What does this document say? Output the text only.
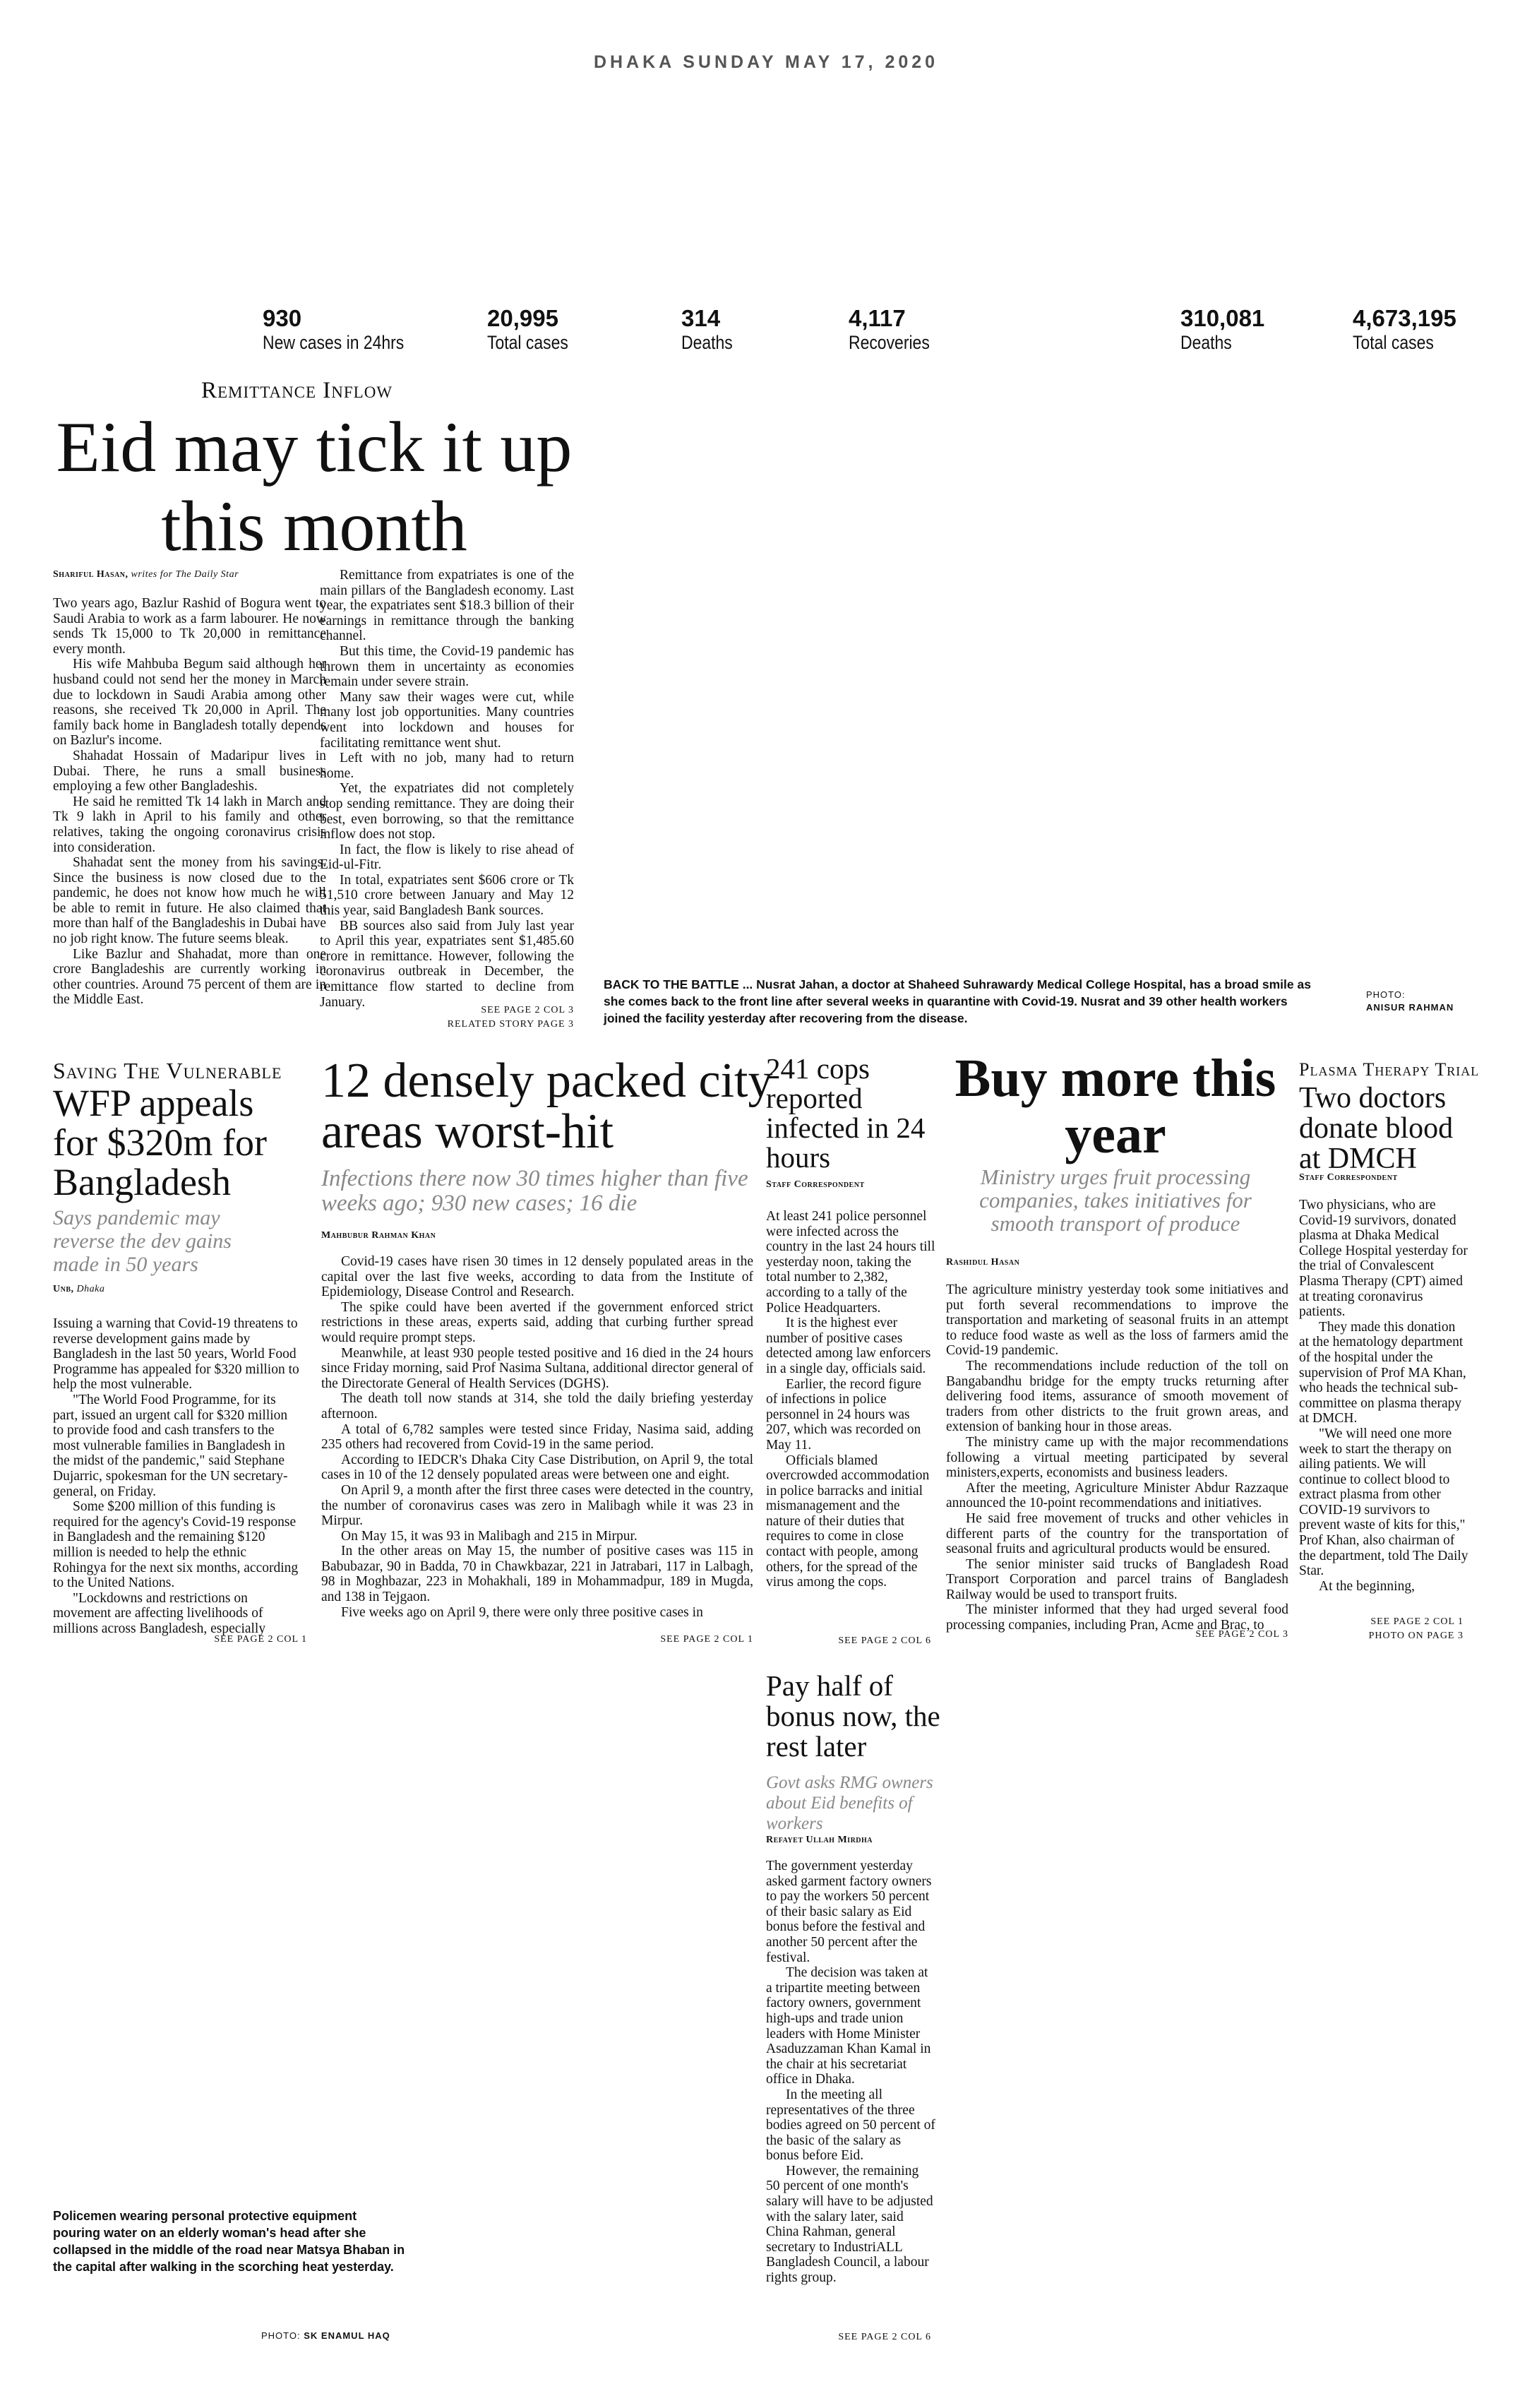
DHAKA SUNDAY MAY 17, 2020
930
New cases in 24hrs
20,995
Total cases
314
Deaths
4,117
Recoveries
310,081
Deaths
4,673,195
Total cases
Remittance Inflow
Eid may tick it up this month
Shariful Hasan, writes for The Daily Star

Two years ago, Bazlur Rashid of Bogura went to Saudi Arabia to work as a farm labourer. He now sends Tk 15,000 to Tk 20,000 in remittance every month.

His wife Mahbuba Begum said although her husband could not send her the money in March due to lockdown in Saudi Arabia among other reasons, she received Tk 20,000 in April. The family back home in Bangladesh totally depends on Bazlur's income.

Shahadat Hossain of Madaripur lives in Dubai. There, he runs a small business employing a few other Bangladeshis.

He said he remitted Tk 14 lakh in March and Tk 9 lakh in April to his family and other relatives, taking the ongoing coronavirus crisis into consideration.

Shahadat sent the money from his savings. Since the business is now closed due to the pandemic, he does not know how much he will be able to remit in future. He also claimed that more than half of the Bangladeshis in Dubai have no job right know. The future seems bleak.

Like Bazlur and Shahadat, more than one crore Bangladeshis are currently working in other countries. Around 75 percent of them are in the Middle East.

Remittance from expatriates is one of the main pillars of the Bangladesh economy. Last year, the expatriates sent $18.3 billion of their earnings in remittance through the banking channel.

But this time, the Covid-19 pandemic has thrown them in uncertainty as economies remain under severe strain.

Many saw their wages were cut, while many lost job opportunities. Many countries went into lockdown and houses for facilitating remittance went shut.

Left with no job, many had to return home.

Yet, the expatriates did not completely stop sending remittance. They are doing their best, even borrowing, so that the remittance inflow does not stop.

In fact, the flow is likely to rise ahead of Eid-ul-Fitr.

In total, expatriates sent $606 crore or Tk 51,510 crore between January and May 12 this year, said Bangladesh Bank sources.

BB sources also said from July last year to April this year, expatriates sent $1,485.60 crore in remittance. However, following the coronavirus outbreak in December, the remittance flow started to decline from January.

SEE PAGE 2 COL 3
RELATED STORY PAGE 3
BACK TO THE BATTLE ... Nusrat Jahan, a doctor at Shaheed Suhrawardy Medical College Hospital, has a broad smile as she comes back to the front line after several weeks in quarantine with Covid-19. Nusrat and 39 other health workers joined the facility yesterday after recovering from the disease.
PHOTO:
ANISUR RAHMAN
Saving The Vulnerable
WFP appeals for $320m for Bangladesh
Says pandemic may reverse the dev gains made in 50 years
Unb, Dhaka

Issuing a warning that Covid-19 threatens to reverse development gains made by Bangladesh in the last 50 years, World Food Programme has appealed for $320 million to help the most vulnerable.

"The World Food Programme, for its part, issued an urgent call for $320 million to provide food and cash transfers to the most vulnerable families in Bangladesh in the midst of the pandemic," said Stephane Dujarric, spokesman for the UN secretary-general, on Friday.

Some $200 million of this funding is required for the agency's Covid-19 response in Bangladesh and the remaining $120 million is needed to help the ethnic Rohingya for the next six months, according to the United Nations.

"Lockdowns and restrictions on movement are affecting livelihoods of millions across Bangladesh, especially

SEE PAGE 2 COL 1
12 densely packed city areas worst-hit
Infections there now 30 times higher than five weeks ago; 930 new cases; 16 die
Mahbubur Rahman Khan

Covid-19 cases have risen 30 times in 12 densely populated areas in the capital over the last five weeks, according to data from the Institute of Epidemiology, Disease Control and Research.

The spike could have been averted if the government enforced strict restrictions in these areas, experts said, adding that curbing further spread would require prompt steps.

Meanwhile, at least 930 people tested positive and 16 died in the 24 hours since Friday morning, said Prof Nasima Sultana, additional director general of the Directorate General of Health Services (DGHS).

The death toll now stands at 314, she told the daily briefing yesterday afternoon.

A total of 6,782 samples were tested since Friday, Nasima said, adding 235 others had recovered from Covid-19 in the same period.

According to IEDCR's Dhaka City Case Distribution, on April 9, the total cases in 10 of the 12 densely populated areas were between one and eight.

On April 9, a month after the first three cases were detected in the country, the number of coronavirus cases was zero in Malibagh while it was 23 in Mirpur.

On May 15, it was 93 in Malibagh and 215 in Mirpur.

In the other areas on May 15, the number of positive cases was 115 in Babubazar, 90 in Badda, 70 in Chawkbazar, 221 in Jatrabari, 117 in Lalbagh, 98 in Moghbazar, 223 in Mohakhali, 189 in Mohammadpur, 189 in Mugda, and 138 in Tejgaon.

Five weeks ago on April 9, there were only three positive cases in

SEE PAGE 2 COL 1
241 cops reported infected in 24 hours
Staff Correspondent

At least 241 police personnel were infected across the country in the last 24 hours till yesterday noon, taking the total number to 2,382, according to a tally of the Police Headquarters.

It is the highest ever number of positive cases detected among law enforcers in a single day, officials said.

Earlier, the record figure of infections in police personnel in 24 hours was 207, which was recorded on May 11.

Officials blamed overcrowded accommodation in police barracks and initial mismanagement and the nature of their duties that requires to come in close contact with people, among others, for the spread of the virus among the cops.

SEE PAGE 2 COL 6
Buy more this year
Ministry urges fruit processing companies, takes initiatives for smooth transport of produce
Rashidul Hasan

The agriculture ministry yesterday took some initiatives and put forth several recommendations to improve the transportation and marketing of seasonal fruits in an attempt to reduce food waste as well as the loss of farmers amid the Covid-19 pandemic.

The recommendations include reduction of the toll on Bangabandhu bridge for the empty trucks returning after delivering food items, assurance of smooth movement of traders from other districts to the fruit grown areas, and extension of banking hour in those areas.

The ministry came up with the major recommendations following a virtual meeting participated by several ministers,experts, economists and business leaders.

After the meeting, Agriculture Minister Abdur Razzaque announced the 10-point recommendations and initiatives.

He said free movement of trucks and other vehicles in different parts of the country for the transportation of seasonal fruits and agricultural products would be ensured.

The senior minister said trucks of Bangladesh Road Transport Corporation and parcel trains of Bangladesh Railway would be used to transport fruits.

The minister informed that they had urged several food processing companies, including Pran, Acme and Brac, to

SEE PAGE 2 COL 3
Plasma Therapy Trial
Two doctors donate blood at DMCH
Staff Correspondent

Two physicians, who are Covid-19 survivors, donated plasma at Dhaka Medical College Hospital yesterday for the trial of Convalescent Plasma Therapy (CPT) aimed at treating coronavirus patients.

They made this donation at the hematology department of the hospital under the supervision of Prof MA Khan, who heads the technical sub-committee on plasma therapy at DMCH.

"We will need one more week to start the therapy on ailing patients. We will continue to collect blood to extract plasma from other COVID-19 survivors to prevent waste of kits for this," Prof Khan, also chairman of the department, told The Daily Star.

At the beginning,

SEE PAGE 2 COL 1
PHOTO ON PAGE 3
Pay half of bonus now, the rest later
Govt asks RMG owners about Eid benefits of workers
Refayet Ullah Mirdha

The government yesterday asked garment factory owners to pay the workers 50 percent of their basic salary as Eid bonus before the festival and another 50 percent after the festival.

The decision was taken at a tripartite meeting between factory owners, government high-ups and trade union leaders with Home Minister Asaduzzaman Khan Kamal in the chair at his secretariat office in Dhaka.

In the meeting all representatives of the three bodies agreed on 50 percent of the basic of the salary as bonus before Eid.

However, the remaining 50 percent of one month's salary will have to be adjusted with the salary later, said China Rahman, general secretary to IndustriALL Bangladesh Council, a labour rights group.

SEE PAGE 2 COL 6
Policemen wearing personal protective equipment pouring water on an elderly woman's head after she collapsed in the middle of the road near Matsya Bhaban in the capital after walking in the scorching heat yesterday.
PHOTO: SK ENAMUL HAQ
